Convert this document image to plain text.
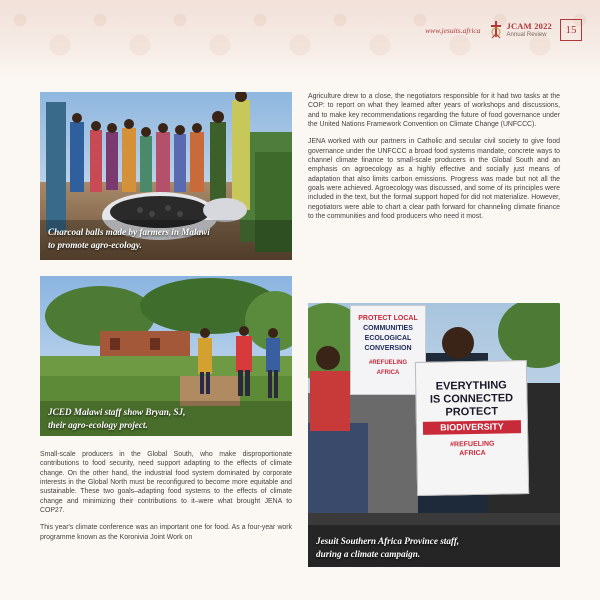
www.jesuits.africa	JCAM 2022
Annual Review	15
Charcoal balls made by farmers in Malawi
to promote agro-ecology.
JCED Malawi staff show Bryan, SJ,
their agro-ecology project.

Small-scale producers in the Global South, who make disproportionate contributions to food security, need support adapting to the effects of climate change. On the other hand, the industrial food system dominated by corporate interests in the Global North must be reconfigured to become more equitable and sustainable. These two goals–adapting food systems to the effects of climate change and minimizing their contributions to it–were what brought JENA to COP27.

This year's climate conference was an important one for food. As a four-year work programme known as the Koronivia Joint Work on

Agriculture drew to a close, the negotiators responsible for it had two tasks at the COP: to report on what they learned after years of workshops and discussions, and to make key recommendations regarding the future of food governance under the United Nations Framework Convention on Climate Change (UNFCCC).

JENA worked with our partners in Catholic and secular civil society to give food governance under the UNFCCC a broad food systems mandate, concrete ways to channel climate finance to small-scale producers in the Global South and an emphasis on agroecology as a highly effective and socially just means of adaptation that also limits carbon emissions. Progress was made but not all the goals were achieved. Agroecology was discussed, and some of its principles were included in the text, but the formal support hoped for did not materialize. However, negotiators were able to chart a clear path forward for channeling climate finance to the communities and food producers who need it most.

PROTECT LOCAL
COMMUNITIES
ECOLOGICAL
CONVERSION
#REFUELING
AFRICA
EVERYTHING
IS CONNECTED
PROTECT
BIODIVERSITY
#REFUELING
AFRICA
Jesuit Southern Africa Province staff,
during a climate campaign.
